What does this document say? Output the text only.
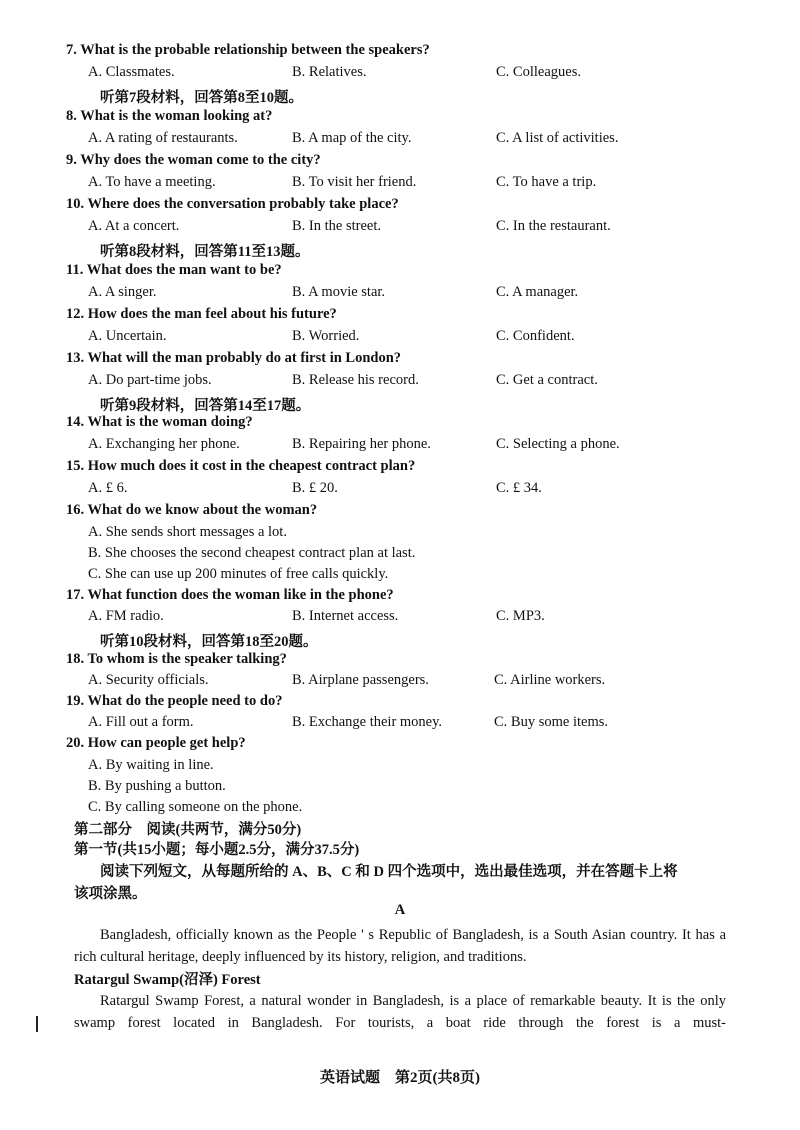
7. What is the probable relationship between the speakers?
A. Classmates.	B. Relatives.	C. Colleagues.
听第7段材料，回答第8至10题。
8. What is the woman looking at?
A. A rating of restaurants.	B. A map of the city.	C. A list of activities.
9. Why does the woman come to the city?
A. To have a meeting.	B. To visit her friend.	C. To have a trip.
10. Where does the conversation probably take place?
A. At a concert.	B. In the street.	C. In the restaurant.
听第8段材料，回答第11至13题。
11. What does the man want to be?
A. A singer.	B. A movie star.	C. A manager.
12. How does the man feel about his future?
A. Uncertain.	B. Worried.	C. Confident.
13. What will the man probably do at first in London?
A. Do part-time jobs.	B. Release his record.	C. Get a contract.
听第9段材料，回答第14至17题。
14. What is the woman doing?
A. Exchanging her phone.	B. Repairing her phone.	C. Selecting a phone.
15. How much does it cost in the cheapest contract plan?
A. £ 6.	B. £ 20.	C. £ 34.
16. What do we know about the woman?
A. She sends short messages a lot.
B. She chooses the second cheapest contract plan at last.
C. She can use up 200 minutes of free calls quickly.
17. What function does the woman like in the phone?
A. FM radio.	B. Internet access.	C. MP3.
听第10段材料，回答第18至20题。
18. To whom is the speaker talking?
A. Security officials.	B. Airplane passengers.	C. Airline workers.
19. What do the people need to do?
A. Fill out a form.	B. Exchange their money.	C. Buy some items.
20. How can people get help?
A. By waiting in line.
B. By pushing a button.
C. By calling someone on the phone.
第二部分　阅读(共两节，满分50分)
第一节(共15小题；每小题2.5分，满分37.5分)
阅读下列短文，从每题所给的 A、B、C 和 D 四个选项中，选出最佳选项，并在答题卡上将
该项涂黑。
A

Bangladesh, officially known as the People ' s Republic of Bangladesh, is a South Asian country. It has a rich cultural heritage, deeply influenced by its history, religion, and traditions.

Ratargul Swamp(沼泽) Forest

Ratargul Swamp Forest, a natural wonder in Bangladesh, is a place of remarkable beauty. It is the only swamp forest located in Bangladesh. For tourists, a boat ride through the forest is a must-

英语试题　第2页(共8页)
